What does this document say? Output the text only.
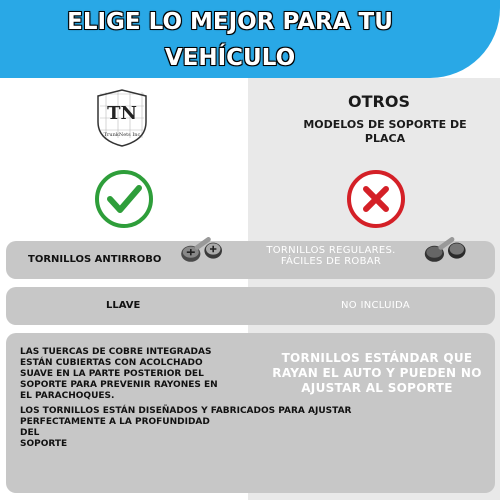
ELIGE LO MEJOR PARA TU
VEHÍCULO
TN
TrunkNets Inc
OTROS
MODELOS DE SOPORTE DE
PLACA
TORNILLOS ANTIRROBO
TORNILLOS REGULARES.
FÁCILES DE ROBAR
LLAVE	NO INCLUIDA
LAS TUERCAS DE COBRE INTEGRADAS
ESTÁN CUBIERTAS CON ACOLCHADO
SUAVE EN LA PARTE POSTERIOR DEL
SOPORTE PARA PREVENIR RAYONES EN
EL PARACHOQUES.
LOS TORNILLOS ESTÁN DISEÑADOS Y FABRICADOS PARA AJUSTAR
PERFECTAMENTE A LA PROFUNDIDAD
DEL
SOPORTE
TORNILLOS ESTÁNDAR QUE
RAYAN EL AUTO Y PUEDEN NO
AJUSTAR AL SOPORTE
